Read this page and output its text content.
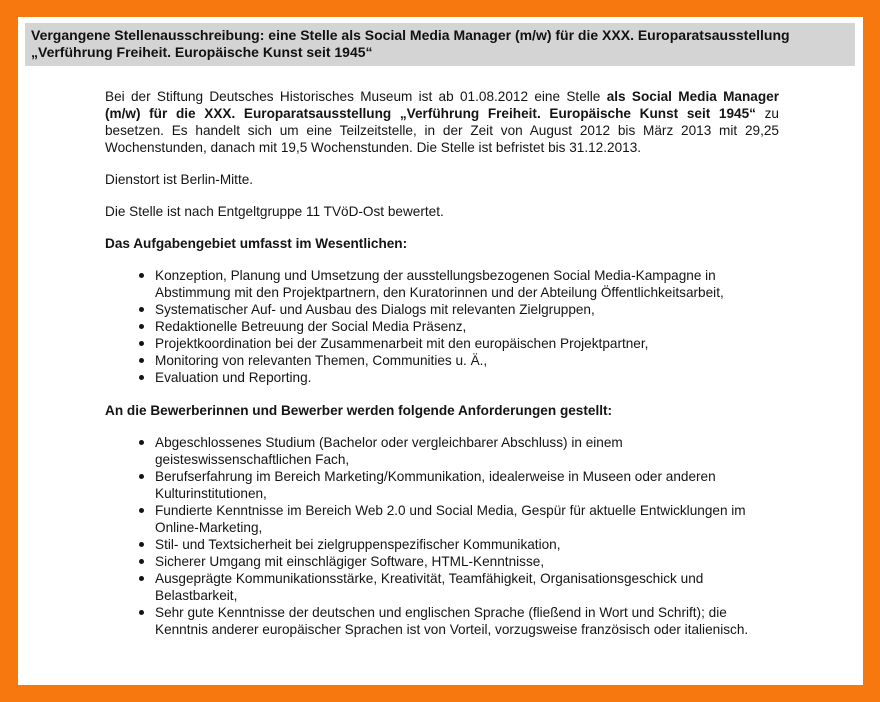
Vergangene Stellenausschreibung: eine Stelle als Social Media Manager (m/w) für die XXX. Europaratsausstellung
„Verführung Freiheit. Europäische Kunst seit 1945“

Bei der Stiftung Deutsches Historisches Museum ist ab 01.08.2012 eine Stelle als Social Media Manager (m/w) für die XXX. Europaratsausstellung „Verführung Freiheit. Europäische Kunst seit 1945“ zu besetzen. Es handelt sich um eine Teilzeitstelle, in der Zeit von August 2012 bis März 2013 mit 29,25 Wochenstunden, danach mit 19,5 Wochenstunden. Die Stelle ist befristet bis 31.12.2013.

Dienstort ist Berlin-Mitte.

Die Stelle ist nach Entgeltgruppe 11 TVöD-Ost bewertet.

Das Aufgabengebiet umfasst im Wesentlichen:

Konzeption, Planung und Umsetzung der ausstellungsbezogenen Social Media-Kampagne in Abstimmung mit den Projektpartnern, den Kuratorinnen und der Abteilung Öffentlichkeitsarbeit,
Systematischer Auf- und Ausbau des Dialogs mit relevanten Zielgruppen,
Redaktionelle Betreuung der Social Media Präsenz,
Projektkoordination bei der Zusammenarbeit mit den europäischen Projektpartner,
Monitoring von relevanten Themen, Communities u. Ä.,
Evaluation und Reporting.

An die Bewerberinnen und Bewerber werden folgende Anforderungen gestellt:

Abgeschlossenes Studium (Bachelor oder vergleichbarer Abschluss) in einem geisteswissenschaftlichen Fach,
Berufserfahrung im Bereich Marketing/Kommunikation, idealerweise in Museen oder anderen Kulturinstitutionen,
Fundierte Kenntnisse im Bereich Web 2.0 und Social Media, Gespür für aktuelle Entwicklungen im Online-Marketing,
Stil- und Textsicherheit bei zielgruppenspezifischer Kommunikation,
Sicherer Umgang mit einschlägiger Software, HTML-Kenntnisse,
Ausgeprägte Kommunikationsstärke, Kreativität, Teamfähigkeit, Organisationsgeschick und Belastbarkeit,
Sehr gute Kenntnisse der deutschen und englischen Sprache (fließend in Wort und Schrift); die Kenntnis anderer europäischer Sprachen ist von Vorteil, vorzugsweise französisch oder italienisch.
